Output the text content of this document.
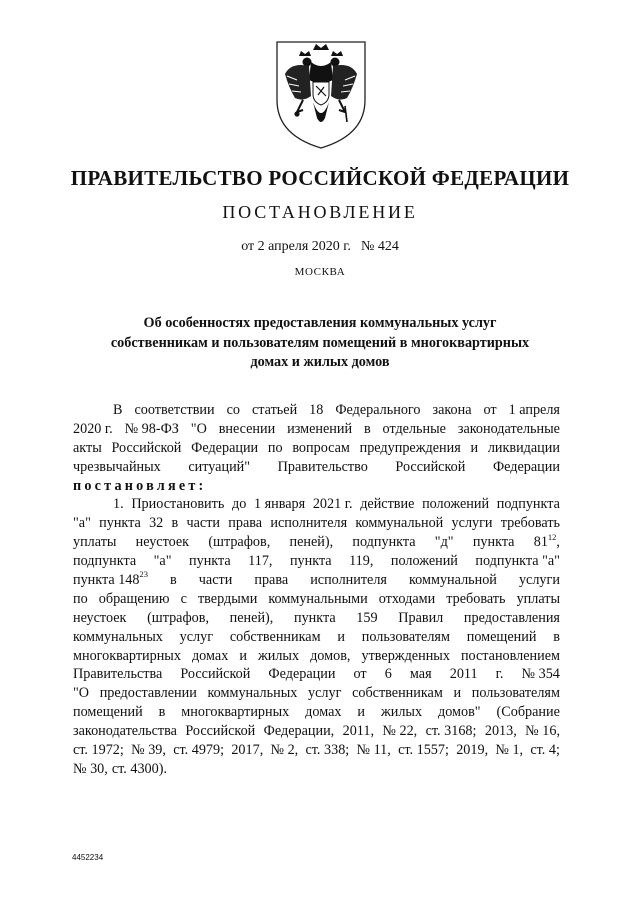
ПРАВИТЕЛЬСТВО РОССИЙСКОЙ ФЕДЕРАЦИИ
ПОСТАНОВЛЕНИЕ
от 2 апреля 2020 г. № 424
МОСКВА
Об особенностях предоставления коммунальных услуг
собственникам и пользователям помещений в многоквартирных
домах и жилых домов
В соответствии со статьей 18 Федерального закона от 1 апреля
2020 г. № 98-ФЗ "О внесении изменений в отдельные законодательные
акты Российской Федерации по вопросам предупреждения и ликвидации
чрезвычайных ситуаций" Правительство Российской Федерации
постановляет:
1. Приостановить до 1 января 2021 г. действие положений подпункта
"а" пункта 32 в части права исполнителя коммунальной услуги требовать
уплаты неустоек (штрафов, пеней), подпункта "д" пункта $81^{12}$,
подпункта "а" пункта 117, пункта 119, положений подпункта "а"
пункта $148^{23}$ в части права исполнителя коммунальной услуги
по обращению с твердыми коммунальными отходами требовать уплаты
неустоек (штрафов, пеней), пункта 159 Правил предоставления
коммунальных услуг собственникам и пользователям помещений в
многоквартирных домах и жилых домов, утвержденных постановлением
Правительства Российской Федерации от 6 мая 2011 г. № 354
"О предоставлении коммунальных услуг собственникам и пользователям
помещений в многоквартирных домах и жилых домов" (Собрание
законодательства Российской Федерации, 2011, № 22, ст. 3168; 2013, № 16,
ст. 1972; № 39, ст. 4979; 2017, № 2, ст. 338; № 11, ст. 1557; 2019, № 1, ст. 4;
№ 30, ст. 4300).
4452234
